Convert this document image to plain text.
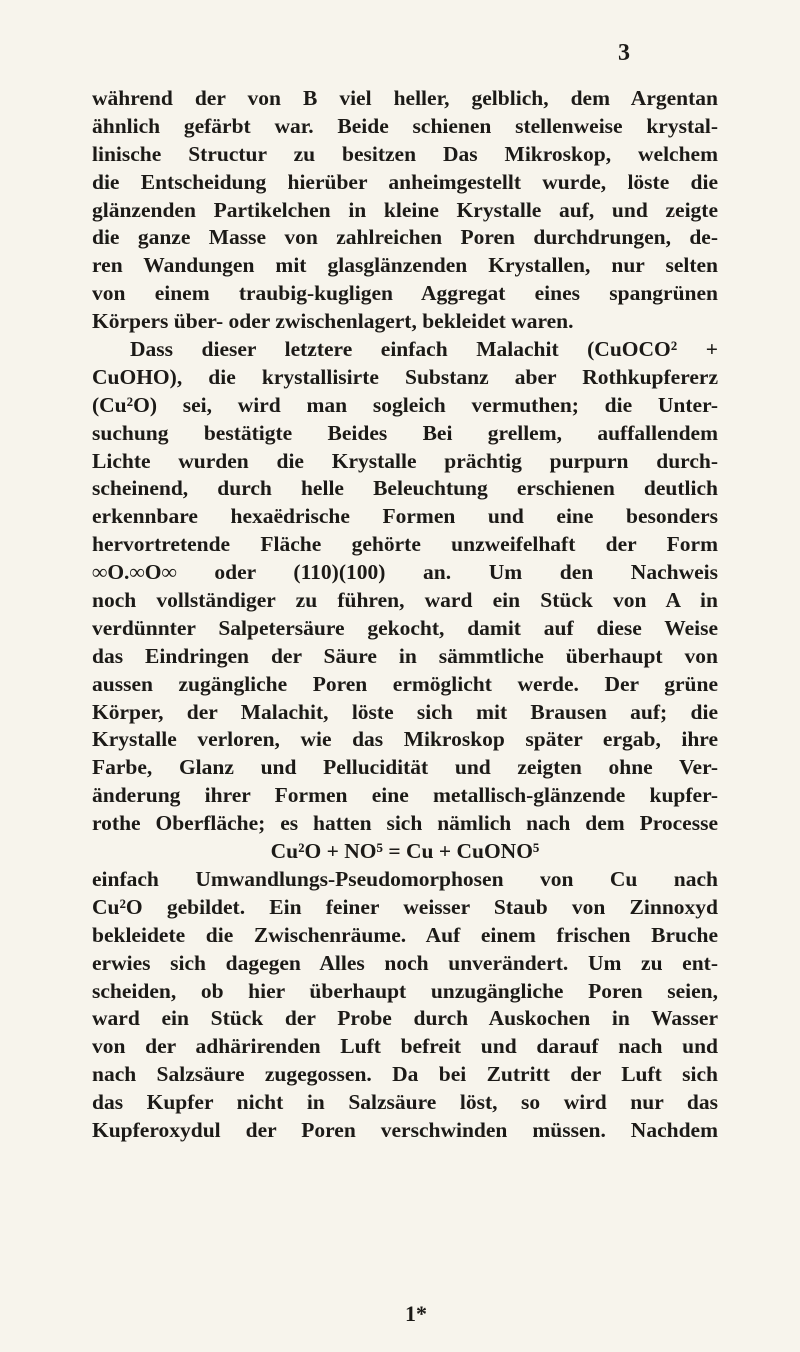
3
während der von B viel heller, gelblich, dem Argentan
ähnlich gefärbt war. Beide schienen stellenweise krystal-
linische Structur zu besitzen Das Mikroskop, welchem
die Entscheidung hierüber anheimgestellt wurde, löste die
glänzenden Partikelchen in kleine Krystalle auf, und zeigte
die ganze Masse von zahlreichen Poren durchdrungen, de-
ren Wandungen mit glasglänzenden Krystallen, nur selten
von einem traubig-kugligen Aggregat eines spangrünen
Körpers über- oder zwischenlagert, bekleidet waren.
Dass dieser letztere einfach Malachit (CuOCO² +
CuOHO), die krystallisirte Substanz aber Rothkupfererz
(Cu²O) sei, wird man sogleich vermuthen; die Unter-
suchung bestätigte Beides Bei grellem, auffallendem
Lichte wurden die Krystalle prächtig purpurn durch-
scheinend, durch helle Beleuchtung erschienen deutlich
erkennbare hexaëdrische Formen und eine besonders
hervortretende Fläche gehörte unzweifelhaft der Form
∞O.∞O∞ oder (110)(100) an. Um den Nachweis
noch vollständiger zu führen, ward ein Stück von A in
verdünnter Salpetersäure gekocht, damit auf diese Weise
das Eindringen der Säure in sämmtliche überhaupt von
aussen zugängliche Poren ermöglicht werde. Der grüne
Körper, der Malachit, löste sich mit Brausen auf; die
Krystalle verloren, wie das Mikroskop später ergab, ihre
Farbe, Glanz und Pellucidität und zeigten ohne Ver-
änderung ihrer Formen eine metallisch-glänzende kupfer-
rothe Oberfläche; es hatten sich nämlich nach dem Processe
Cu²O + NO⁵ = Cu + CuONO⁵
einfach Umwandlungs-Pseudomorphosen von Cu nach
Cu²O gebildet. Ein feiner weisser Staub von Zinnoxyd
bekleidete die Zwischenräume. Auf einem frischen Bruche
erwies sich dagegen Alles noch unverändert. Um zu ent-
scheiden, ob hier überhaupt unzugängliche Poren seien,
ward ein Stück der Probe durch Auskochen in Wasser
von der adhärirenden Luft befreit und darauf nach und
nach Salzsäure zugegossen. Da bei Zutritt der Luft sich
das Kupfer nicht in Salzsäure löst, so wird nur das
Kupferoxydul der Poren verschwinden müssen. Nachdem
1*
